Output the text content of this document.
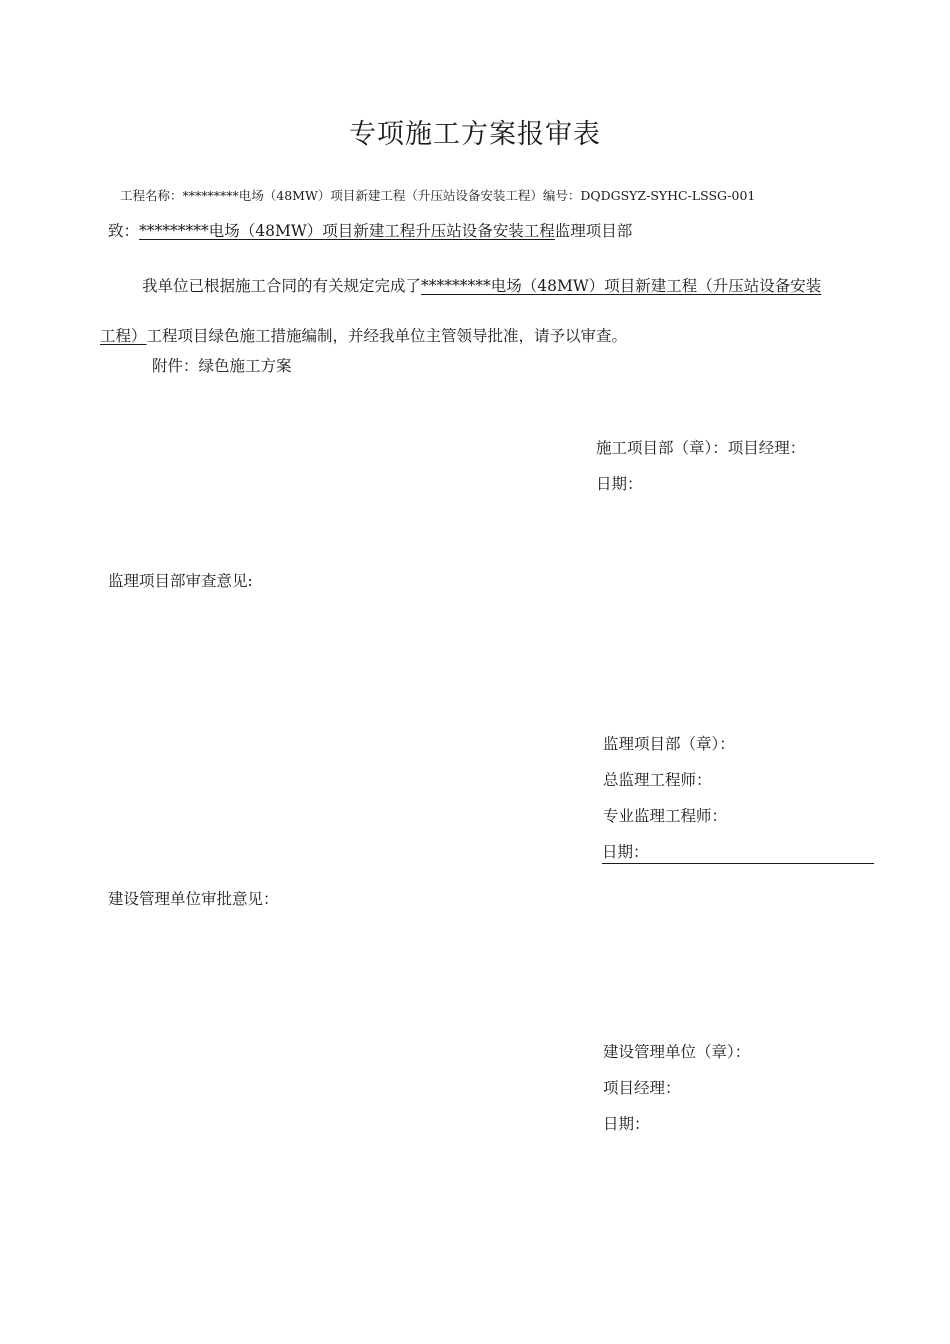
专项施工方案报审表
工程名称：*********电场（48MW）项目新建工程（升压站设备安装工程）编号：DQDGSYZ-SYHC-LSSG-001
致：*********电场（48MW）项目新建工程升压站设备安装工程监理项目部
我单位已根据施工合同的有关规定完成了*********电场（48MW）项目新建工程（升压站设备安装
工程）工程项目绿色施工措施编制，并经我单位主管领导批准，请予以审查。
附件：绿色施工方案
施工项目部（章）：项目经理：
日期：
监理项目部审查意见:
监理项目部（章）：
总监理工程师：
专业监理工程师：
日期：
建设管理单位审批意见：
建设管理单位（章）：
项目经理：
日期：
